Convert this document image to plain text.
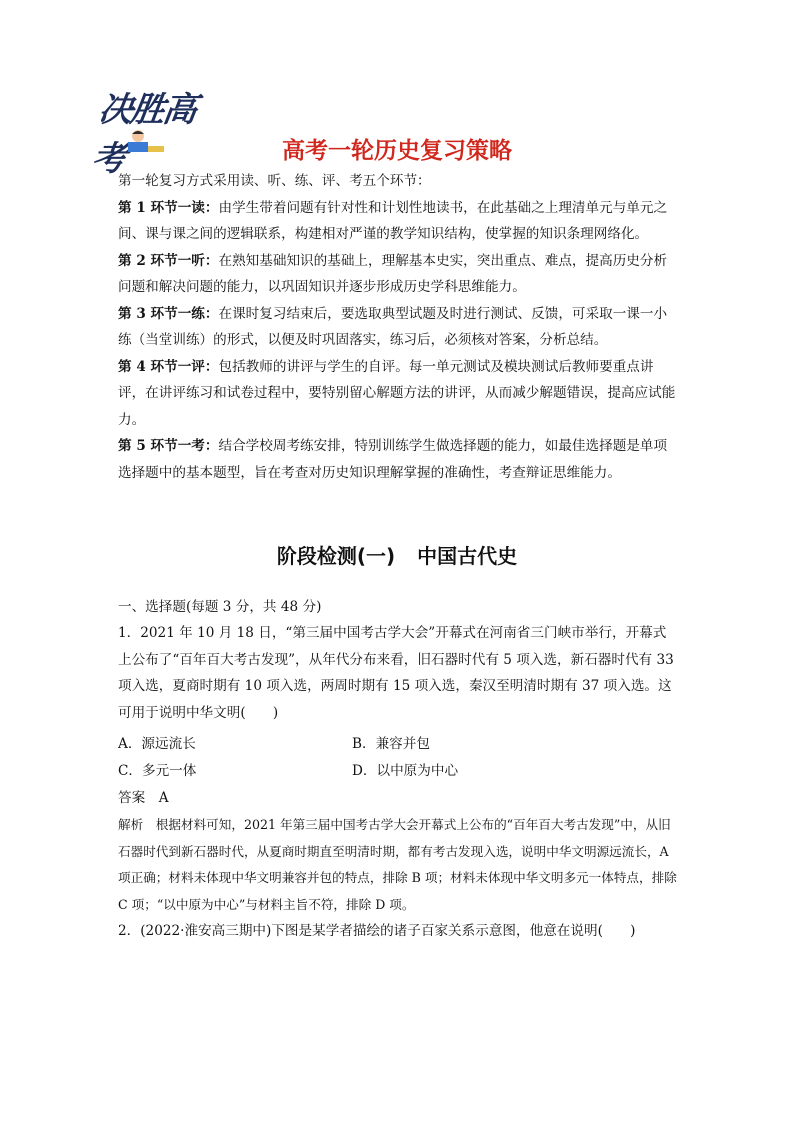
决胜高考	高考一轮历史复习策略
第一轮复习方式采用读、听、练、评、考五个环节：
第 1 环节一读：由学生带着问题有针对性和计划性地读书，在此基础之上理清单元与单元之间、课与课之间的逻辑联系，构建相对严谨的教学知识结构，使掌握的知识条理网络化。
第 2 环节一听：在熟知基础知识的基础上，理解基本史实，突出重点、难点，提高历史分析问题和解决问题的能力，以巩固知识并逐步形成历史学科思维能力。
第 3 环节一练：在课时复习结束后，要选取典型试题及时进行测试、反馈，可采取一课一小练（当堂训练）的形式，以便及时巩固落实，练习后，必须核对答案，分析总结。
第 4 环节一评：包括教师的讲评与学生的自评。每一单元测试及模块测试后教师要重点讲评，在讲评练习和试卷过程中，要特别留心解题方法的讲评，从而减少解题错误，提高应试能力。
第 5 环节一考：结合学校周考练安排，特别训练学生做选择题的能力，如最佳选择题是单项选择题中的基本题型，旨在考查对历史知识理解掌握的准确性，考查辩证思维能力。
阶段检测(一) 中国古代史
一、选择题(每题 3 分，共 48 分)
1．2021 年 10 月 18 日，“第三届中国考古学大会”开幕式在河南省三门峡市举行，开幕式上公布了“百年百大考古发现”，从年代分布来看，旧石器时代有 5 项入选，新石器时代有 33 项入选，夏商时期有 10 项入选，两周时期有 15 项入选，秦汉至明清时期有 37 项入选。这可用于说明中华文明(　　)
A．源远流长	B．兼容并包
C．多元一体	D．以中原为中心
答案　A
解析　根据材料可知，2021 年第三届中国考古学大会开幕式上公布的“百年百大考古发现”中，从旧石器时代到新石器时代，从夏商时期直至明清时期，都有考古发现入选，说明中华文明源远流长，A 项正确；材料未体现中华文明兼容并包的特点，排除 B 项；材料未体现中华文明多元一体特点，排除 C 项；“以中原为中心”与材料主旨不符，排除 D 项。
2．(2022·淮安高三期中)下图是某学者描绘的诸子百家关系示意图，他意在说明(　　)
